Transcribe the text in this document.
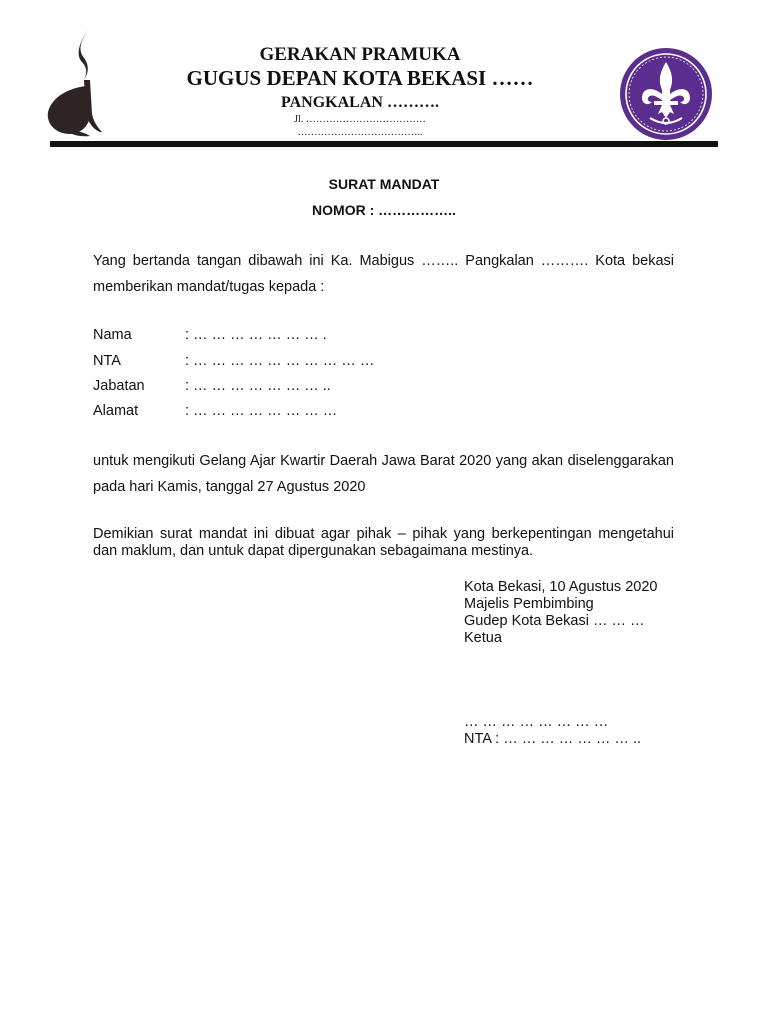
GERAKAN PRAMUKA
GUGUS DEPAN KOTA BEKASI ……
PANGKALAN ……….
Jl. ………………………………
………………………………..
SURAT MANDAT
NOMOR : ……………..
Yang bertanda tangan dibawah ini Ka. Mabigus …….. Pangkalan ………. Kota bekasi memberikan mandat/tugas kepada :
Nama	: … … … … … … … .
NTA	: … … … … … … … … … …
Jabatan	: … … … … … … … ..
Alamat	: … … … … … … … …
untuk mengikuti Gelang Ajar Kwartir Daerah Jawa Barat 2020 yang akan diselenggarakan pada hari Kamis, tanggal 27 Agustus 2020
Demikian surat mandat ini dibuat agar pihak – pihak yang berkepentingan mengetahui dan maklum, dan untuk dapat dipergunakan sebagaimana mestinya.
Kota Bekasi, 10 Agustus 2020
Majelis Pembimbing
Gudep Kota Bekasi … … …
Ketua
… … … … … … … …
NTA : … … … … … … … ..
